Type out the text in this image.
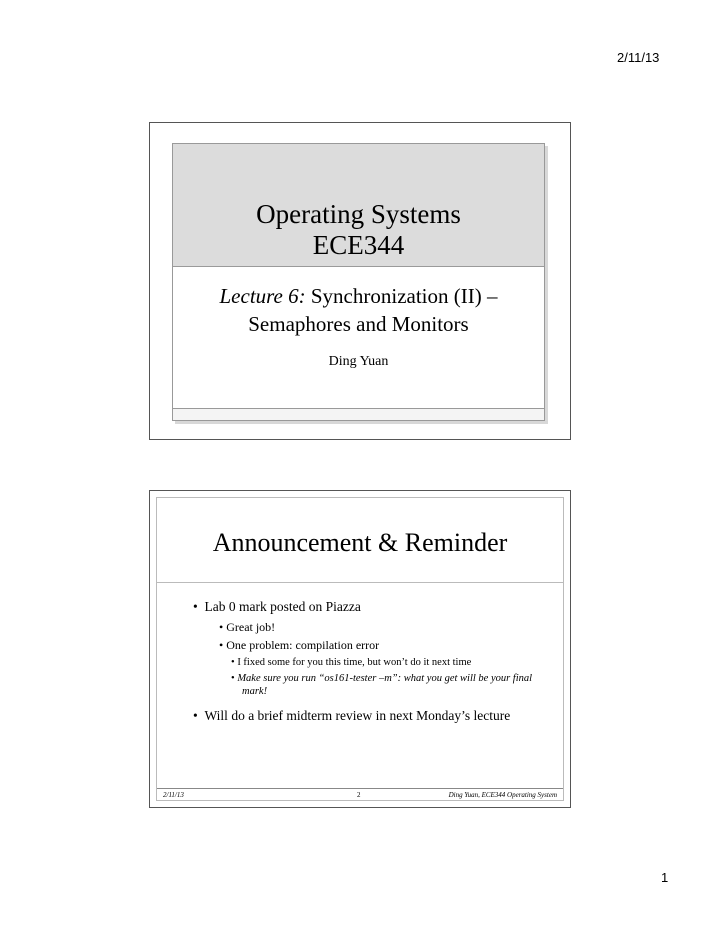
2/11/13
Operating Systems
ECE344
Lecture 6: Synchronization (II) –
Semaphores and Monitors
Ding Yuan
Announcement & Reminder
•  Lab 0 mark posted on Piazza
• Great job!
• One problem: compilation error
• I fixed some for you this time, but won’t do it next time
• Make sure you run “os161-tester –m”: what you get will be your final mark!
•  Will do a brief midterm review in next Monday’s lecture
2/11/13	2	Ding Yuan, ECE344 Operating System
1
